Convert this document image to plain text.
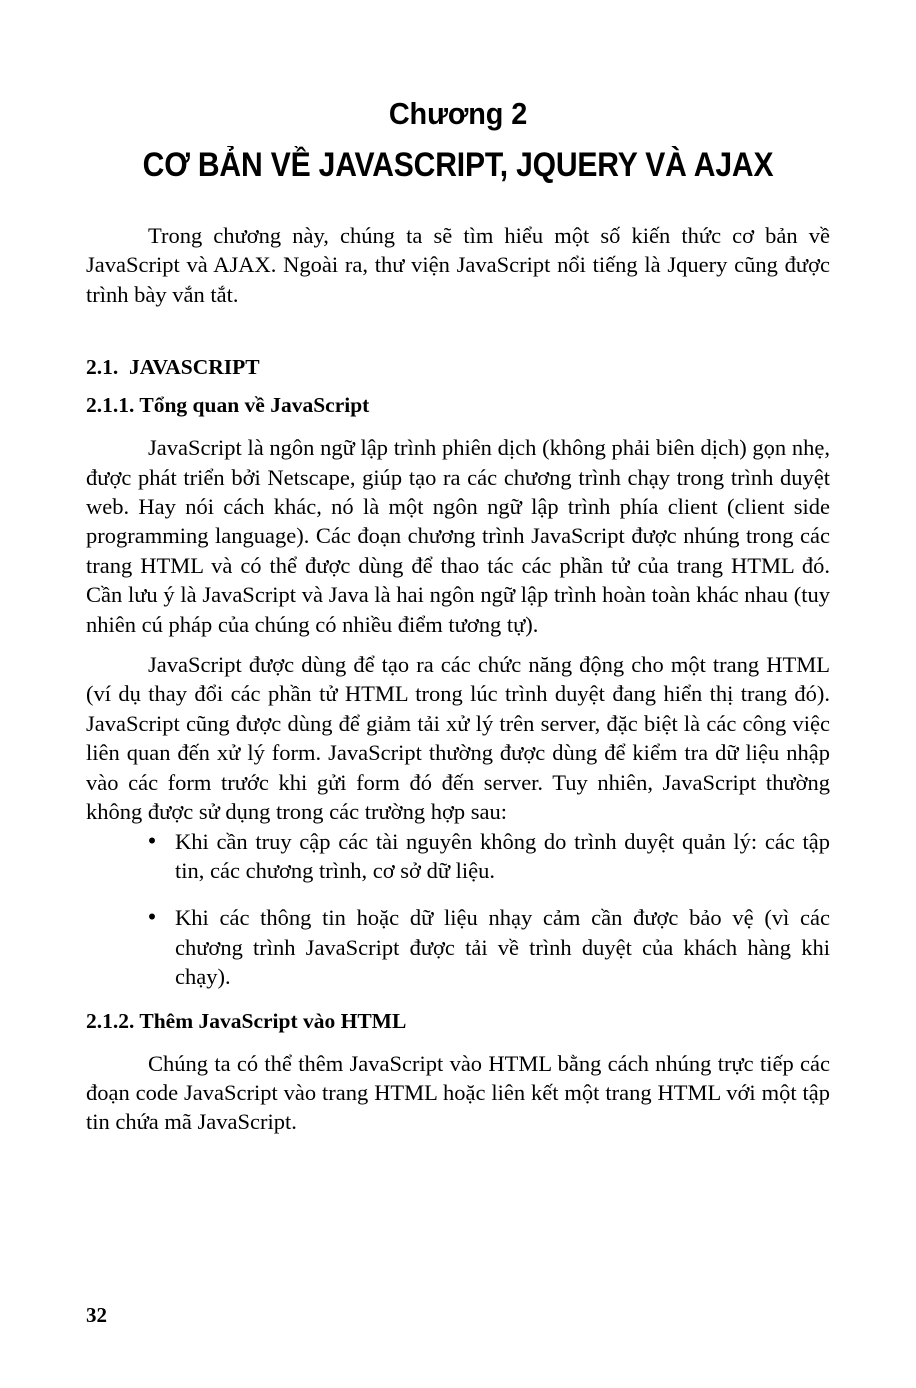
Chương 2
CƠ BẢN VỀ JAVASCRIPT, JQUERY VÀ AJAX

Trong chương này, chúng ta sẽ tìm hiểu một số kiến thức cơ bản về JavaScript và AJAX. Ngoài ra, thư viện JavaScript nổi tiếng là Jquery cũng được trình bày vắn tắt.

2.1.  JAVASCRIPT
2.1.1. Tổng quan về JavaScript

JavaScript là ngôn ngữ lập trình phiên dịch (không phải biên dịch) gọn nhẹ, được phát triển bởi Netscape, giúp tạo ra các chương trình chạy trong trình duyệt web. Hay nói cách khác, nó là một ngôn ngữ lập trình phía client (client side programming language). Các đoạn chương trình JavaScript được nhúng trong các trang HTML và có thể được dùng để thao tác các phần tử của trang HTML đó. Cần lưu ý là JavaScript và Java là hai ngôn ngữ lập trình hoàn toàn khác nhau (tuy nhiên cú pháp của chúng có nhiều điểm tương tự).

JavaScript được dùng để tạo ra các chức năng động cho một trang HTML (ví dụ thay đổi các phần tử HTML trong lúc trình duyệt đang hiển thị trang đó). JavaScript cũng được dùng để giảm tải xử lý trên server, đặc biệt là các công việc liên quan đến xử lý form. JavaScript thường được dùng để kiểm tra dữ liệu nhập vào các form trước khi gửi form đó đến server. Tuy nhiên, JavaScript thường không được sử dụng trong các trường hợp sau:

• Khi cần truy cập các tài nguyên không do trình duyệt quản lý: các tập tin, các chương trình, cơ sở dữ liệu.
• Khi các thông tin hoặc dữ liệu nhạy cảm cần được bảo vệ (vì các chương trình JavaScript được tải về trình duyệt của khách hàng khi chạy).
2.1.2. Thêm JavaScript vào HTML

Chúng ta có thể thêm JavaScript vào HTML bằng cách nhúng trực tiếp các đoạn code JavaScript vào trang HTML hoặc liên kết một trang HTML với một tập tin chứa mã JavaScript.

32
